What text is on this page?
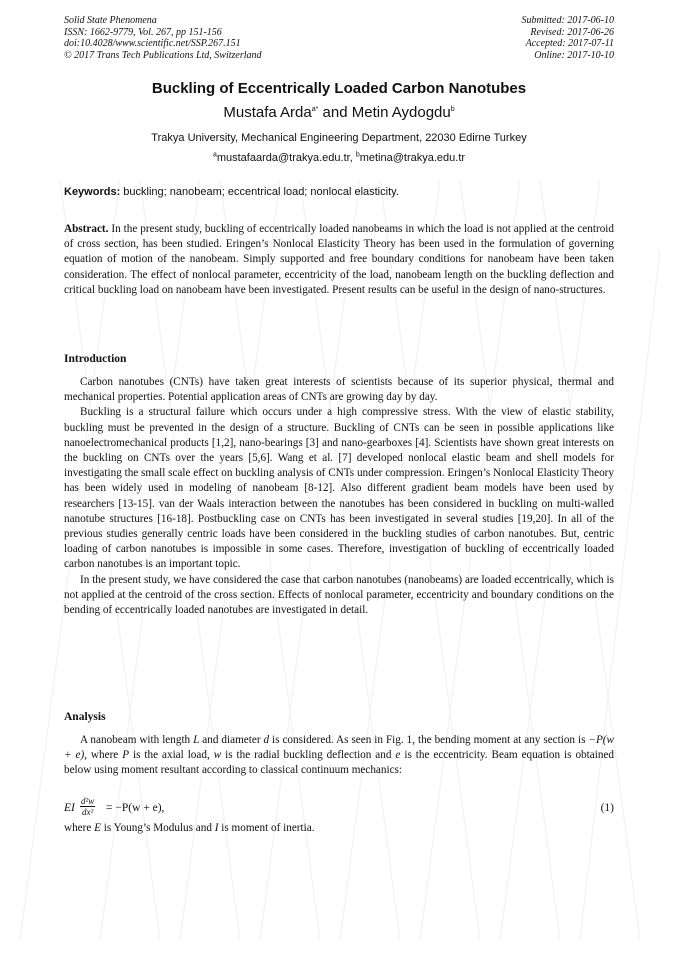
Solid State Phenomena
ISSN: 1662-9779, Vol. 267, pp 151-156
doi:10.4028/www.scientific.net/SSP.267.151
© 2017 Trans Tech Publications Ltd, Switzerland
Submitted: 2017-06-10
Revised: 2017-06-26
Accepted: 2017-07-11
Online: 2017-10-10
Buckling of Eccentrically Loaded Carbon Nanotubes
Mustafa Arda$^{a*}$ and Metin Aydogdu$^b$
Trakya University, Mechanical Engineering Department, 22030 Edirne Turkey
$^a$mustafaarda@trakya.edu.tr, $^b$metina@trakya.edu.tr
Keywords: buckling; nanobeam; eccentrical load; nonlocal elasticity.

Abstract. In the present study, buckling of eccentrically loaded nanobeams in which the load is not applied at the centroid of cross section, has been studied. Eringen’s Nonlocal Elasticity Theory has been used in the formulation of governing equation of motion of the nanobeam. Simply supported and free boundary conditions for nanobeam have been taken consideration. The effect of nonlocal parameter, eccentricity of the load, nanobeam length on the buckling deflection and critical buckling load on nanobeam have been investigated. Present results can be useful in the design of nano-structures.

Introduction

Carbon nanotubes (CNTs) have taken great interests of scientists because of its superior physical, thermal and mechanical properties. Potential application areas of CNTs are growing day by day.

Buckling is a structural failure which occurs under a high compressive stress. With the view of elastic stability, buckling must be prevented in the design of a structure. Buckling of CNTs can be seen in possible applications like nanoelectromechanical products [1,2], nano-bearings [3] and nano-gearboxes [4]. Scientists have shown great interests on the buckling on CNTs over the years [5,6]. Wang et al. [7] developed nonlocal elastic beam and shell models for investigating the small scale effect on buckling analysis of CNTs under compression. Eringen’s Nonlocal Elasticity Theory has been widely used in modeling of nanobeam [8-12]. Also different gradient beam models have been used by researchers [13-15]. van der Waals interaction between the nanotubes has been considered in buckling on multi-walled nanotube structures [16-18]. Postbuckling case on CNTs has been investigated in several studies [19,20]. In all of the previous studies generally centric loads have been considered in the buckling studies of carbon nanotubes. But, centric loading of carbon nanotubes is impossible in some cases. Therefore, investigation of buckling of eccentrically loaded carbon nanotubes is an important topic.

In the present study, we have considered the case that carbon nanotubes (nanobeams) are loaded eccentrically, which is not applied at the centroid of the cross section. Effects of nonlocal parameter, eccentricity and boundary conditions on the bending of eccentrically loaded nanotubes are investigated in detail.

Analysis

A nanobeam with length L and diameter d is considered. As seen in Fig. 1, the bending moment at any section is −P(w + e), where P is the axial load, w is the radial buckling deflection and e is the eccentricity. Beam equation is obtained below using moment resultant according to classical continuum mechanics:

EI $\frac{\text{d²w}}{\text{dx²}} = -P(w + e)$,	(1)
where E is Young’s Modulus and I is moment of inertia.
